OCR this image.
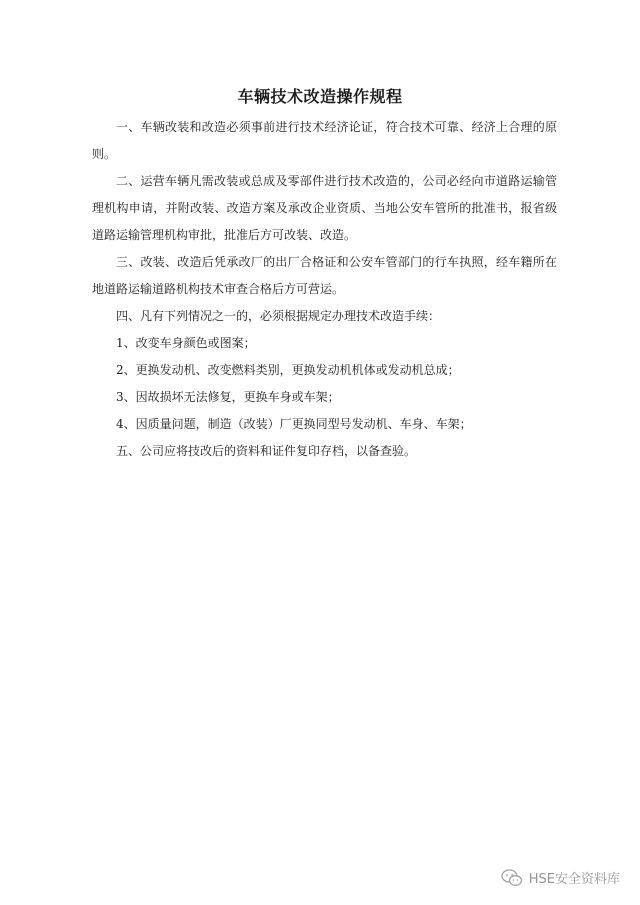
车辆技术改造操作规程

一、车辆改装和改造必须事前进行技术经济论证，符合技术可靠、经济上合理的原则。

二、运营车辆凡需改装或总成及零部件进行技术改造的，公司必经向市道路运输管理机构申请，并附改装、改造方案及承改企业资质、当地公安车管所的批准书，报省级道路运输管理机构审批，批准后方可改装、改造。

三、改装、改造后凭承改厂的出厂合格证和公安车管部门的行车执照，经车籍所在地道路运输道路机构技术审查合格后方可营运。

四、凡有下列情况之一的，必须根据规定办理技术改造手续：

1、改变车身颜色或图案；

2、更换发动机、改变燃料类别，更换发动机机体或发动机总成；

3、因故损坏无法修复，更换车身或车架；

4、因质量问题，制造（改装）厂更换同型号发动机、车身、车架；

五、公司应将技改后的资料和证件复印存档，以备查验。

HSE安全资料库
